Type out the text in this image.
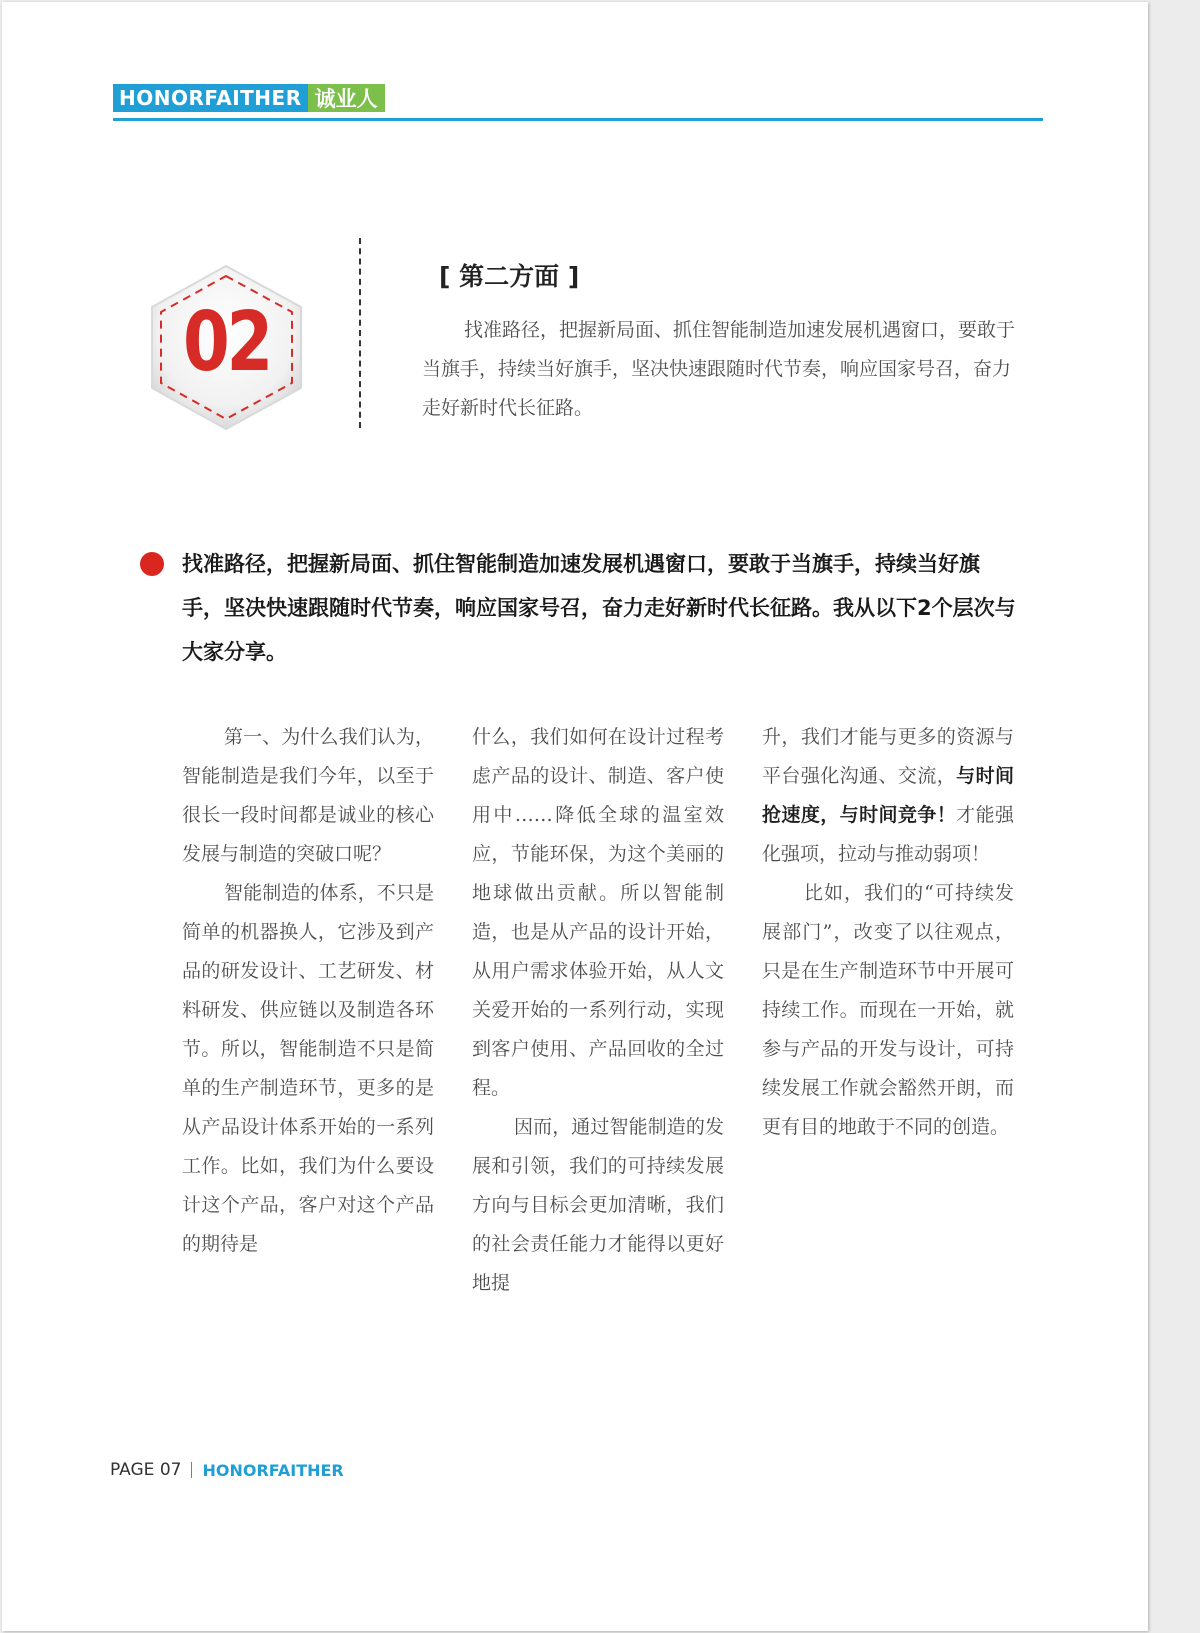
HONORFAITHER 诚业人
02
[ 第二方面 ]

找准路径，把握新局面、抓住智能制造加速发展机遇窗口，要敢于当旗手，持续当好旗手，坚决快速跟随时代节奏，响应国家号召，奋力走好新时代长征路。

找准路径，把握新局面、抓住智能制造加速发展机遇窗口，要敢于当旗手，持续当好旗手，坚决快速跟随时代节奏，响应国家号召，奋力走好新时代长征路。我从以下2个层次与大家分享。

第一、为什么我们认为，智能制造是我们今年，以至于很长一段时间都是诚业的核心发展与制造的突破口呢？

智能制造的体系，不只是简单的机器换人，它涉及到产品的研发设计、工艺研发、材料研发、供应链以及制造各环节。所以，智能制造不只是简单的生产制造环节，更多的是从产品设计体系开始的一系列工作。比如，我们为什么要设计这个产品，客户对这个产品的期待是

什么，我们如何在设计过程考虑产品的设计、制造、客户使用中……降低全球的温室效应，节能环保，为这个美丽的地球做出贡献。所以智能制造，也是从产品的设计开始，从用户需求体验开始，从人文关爱开始的一系列行动，实现到客户使用、产品回收的全过程。

因而，通过智能制造的发展和引领，我们的可持续发展方向与目标会更加清晰，我们的社会责任能力才能得以更好地提

升，我们才能与更多的资源与平台强化沟通、交流，与时间抢速度，与时间竞争！才能强化强项，拉动与推动弱项！

比如，我们的“可持续发展部门”，改变了以往观点，只是在生产制造环节中开展可持续工作。而现在一开始，就参与产品的开发与设计，可持续发展工作就会豁然开朗，而更有目的地敢于不同的创造。

PAGE 07 HONORFAITHER
